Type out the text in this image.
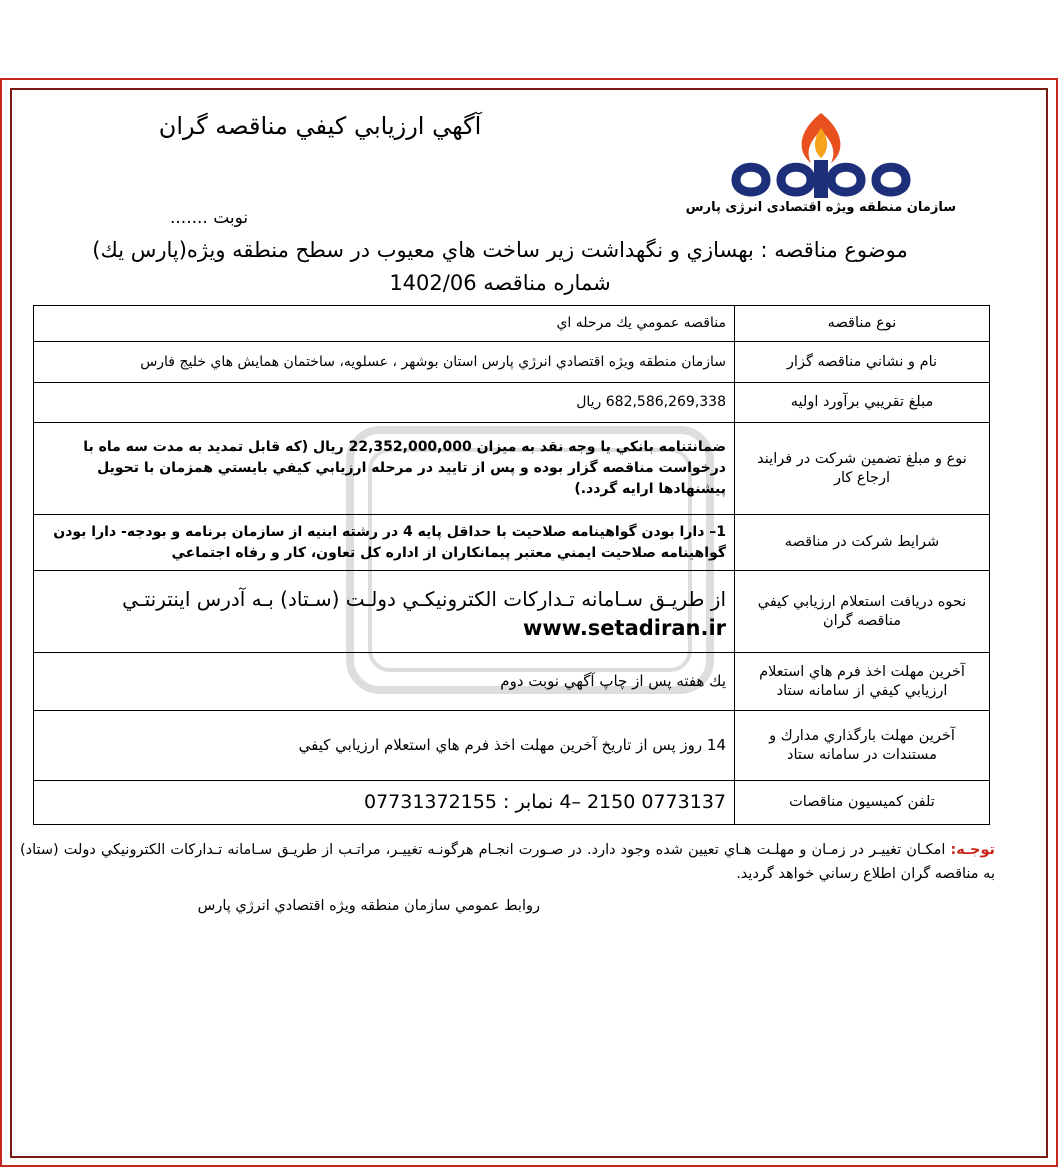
سازمان منطقه ويژه اقتصادی انرژی پارس
آگهي ارزيابي كيفي مناقصه گران
نوبت .......
موضوع مناقصه : بهسازي و نگهداشت زير ساخت هاي معيوب در سطح منطقه ويژه(پارس يك)
شماره مناقصه 1402/06
نوع مناقصه	مناقصه عمومي يك مرحله اي
نام و نشاني مناقصه گزار	سازمان منطقه ويژه اقتصادي انرژي پارس استان بوشهر ، عسلويه، ساختمان همايش هاي خليج فارس
مبلغ تقريبي برآورد اوليه	682,586,269,338 ريال
نوع و مبلغ تضمين شركت در فرايند ارجاع كار	ضمانتنامه بانكي يا وجه نقد به ميزان 22,352,000,000 ريال (كه قابل تمديد به مدت سه ماه با درخواست مناقصه گزار بوده و پس از تاييد در مرحله ارزيابي كيفي بايستي همزمان با تحويل پيشنهادها ارايه گردد.)
شرايط شركت در مناقصه	1– دارا بودن گواهينامه صلاحيت با حداقل پايه 4 در رشته ابنيه از سازمان برنامه و بودجه- دارا بودن گواهينامه صلاحيت ايمني معتبر پيمانكاران از اداره كل تعاون، كار و رفاه اجتماعي
نحوه دريافت استعلام ارزيابي كيفي مناقصه گران	از طريـق سـامانه تـداركات الكترونيكـي دولـت (سـتاد) بـه آدرس اينترنتـي
www.setadiran.ir

آخرين مهلت اخذ فرم هاي استعلام ارزيابي كيفي از سامانه ستاد	يك هفته پس از چاپ آگهي نوبت دوم
آخرين مهلت بارگذاري مدارك و مستندات در سامانه ستاد	14 روز پس از تاريخ آخرين مهلت اخذ فرم هاي استعلام ارزيابي كيفي
تلفن كميسيون مناقصات	0773137 2150 –4 نمابر : 07731372155
توجـه: امكـان تغييـر در زمـان و مهلـت هـاي تعيين شده وجود دارد. در صـورت انجـام هرگونـه تغييـر، مراتـب از طريـق سـامانه تـداركات الكترونيكي دولت (ستاد) به مناقصه گران اطلاع رساني خواهد گرديد.
روابط عمومي سازمان منطقه ويژه اقتصادي انرژي پارس
